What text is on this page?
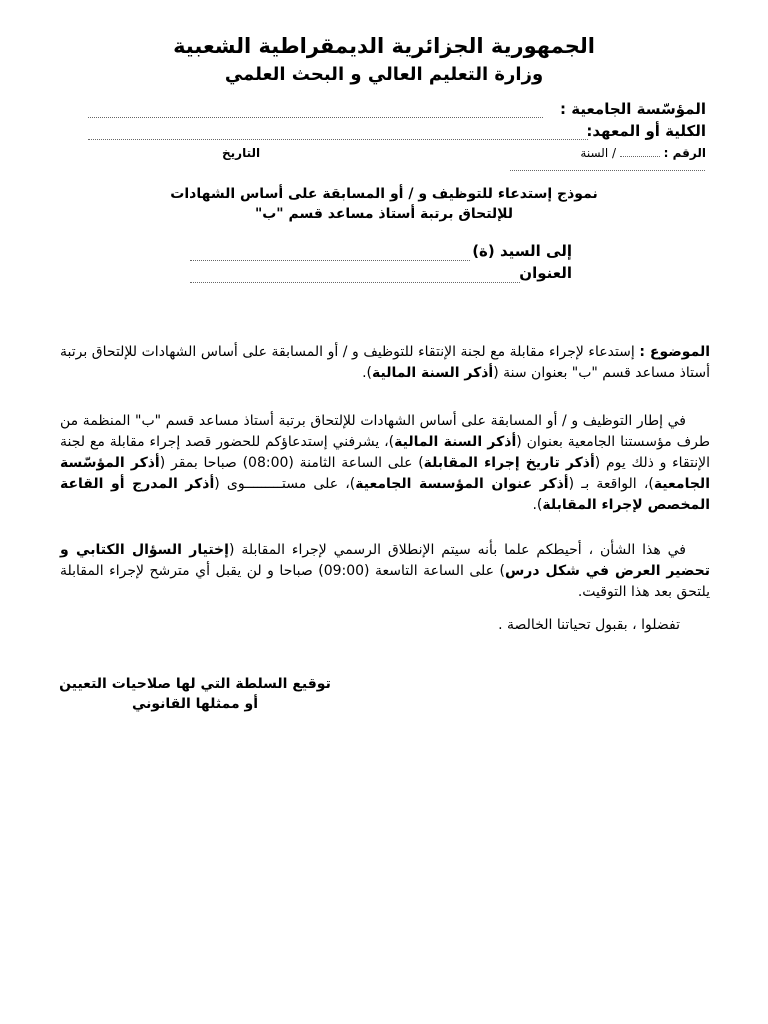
الجمهورية الجزائرية الديمقراطية الشعبية
وزارة التعليم العالي و البحث العلمي
المؤسّسة الجامعية :
الكلية أو المعهد:
الرقم :  / السنة
التاريخ
نموذج إستدعاء للتوظيف و / أو المسابقة على أساس الشهادات
للإلتحاق برتبة أستاذ مساعد قسم "ب"
إلى السيد (ة)
العنوان
الموضوع : إستدعاء لإجراء مقابلة مع لجنة الإنتقاء للتوظيف و / أو المسابقة على أساس الشهادات للإلتحاق برتبة أستاذ مساعد قسم "ب" بعنوان سنة (أذكر السنة المالية).
في إطار التوظيف و / أو المسابقة على أساس الشهادات للإلتحاق برتبة أستاذ مساعد قسم "ب" المنظمة من طرف مؤسستنا الجامعية بعنوان (أذكر السنة المالية)، يشرفني إستدعاؤكم للحضور قصد إجراء مقابلة مع لجنة الإنتقاء و ذلك يوم (أذكر تاريخ إجراء المقابلة) على الساعة الثامنة (08:00) صباحا بمقر (أذكر المؤسّسة الجامعية)، الواقعة بـ (أذكر عنوان المؤسسة الجامعية)، على مستـــــــــوى (أذكر المدرج أو القاعة المخصص لإجراء المقابلة).
في هذا الشأن ، أحيطكم علما بأنه سيتم الإنطلاق الرسمي لإجراء المقابلة (إختيار السؤال الكتابي و تحضير العرض في شكل درس) على الساعة التاسعة (09:00) صباحا و لن يقبل أي مترشح لإجراء المقابلة يلتحق بعد هذا التوقيت.
تفضلوا ، بقبول تحياتنا الخالصة .
توقيع السلطة التي لها صلاحيات التعيين
أو ممثلها القانوني
